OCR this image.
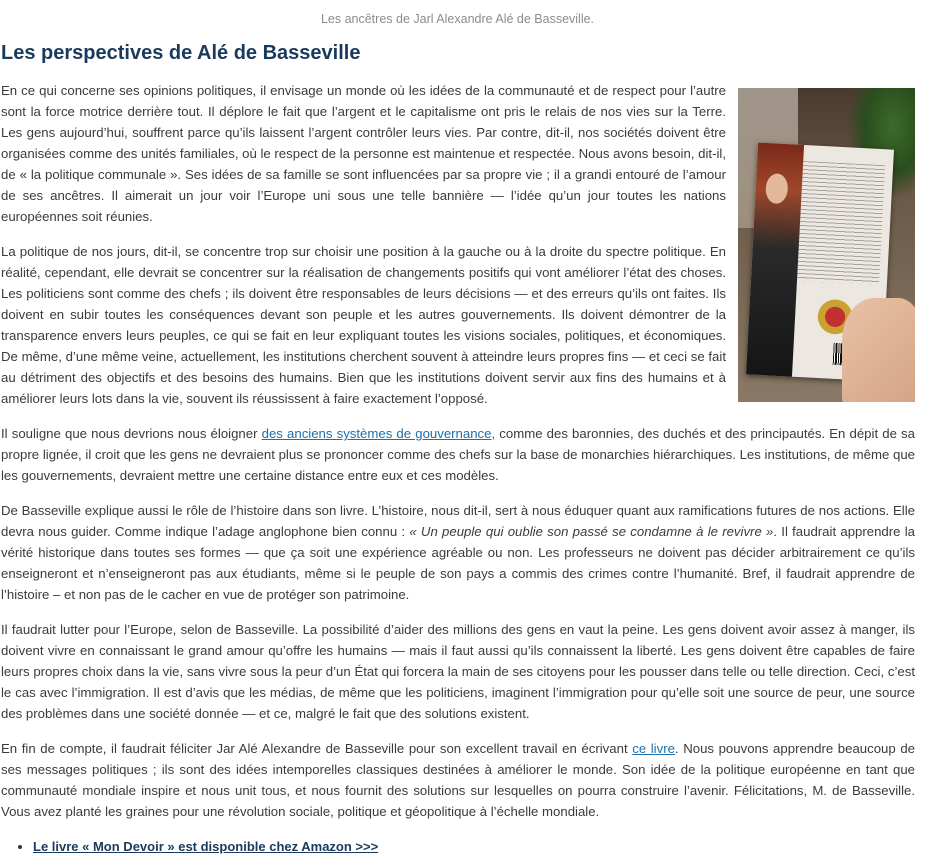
Les ancêtres de Jarl Alexandre Alé de Basseville.
Les perspectives de Alé de Basseville

En ce qui concerne ses opinions politiques, il envisage un monde où les idées de la communauté et de respect pour l’autre sont la force motrice derrière tout. Il déplore le fait que l’argent et le capitalisme ont pris le relais de nos vies sur la Terre. Les gens aujourd’hui, souffrent parce qu’ils laissent l’argent contrôler leurs vies. Par contre, dit-il, nos sociétés doivent être organisées comme des unités familiales, où le respect de la personne est maintenue et respectée. Nous avons besoin, dit-il, de « la politique communale ». Ses idées de sa famille se sont influencées par sa propre vie ; il a grandi entouré de l’amour de ses ancêtres. Il aimerait un jour voir l’Europe uni sous une telle bannière — l’idée qu’un jour toutes les nations européennes soit réunies.

La politique de nos jours, dit-il, se concentre trop sur choisir une position à la gauche ou à la droite du spectre politique. En réalité, cependant, elle devrait se concentrer sur la réalisation de changements positifs qui vont améliorer l’état des choses. Les politiciens sont comme des chefs ; ils doivent être responsables de leurs décisions — et des erreurs qu’ils ont faites. Ils doivent en subir toutes les conséquences devant son peuple et les autres gouvernements. Ils doivent démontrer de la transparence envers leurs peuples, ce qui se fait en leur expliquant toutes les visions sociales, politiques, et économiques. De même, d’une même veine, actuellement, les institutions cherchent souvent à atteindre leurs propres fins — et ceci se fait au détriment des objectifs et des besoins des humains. Bien que les institutions doivent servir aux fins des humains et à améliorer leurs lots dans la vie, souvent ils réussissent à faire exactement l’opposé.

Il souligne que nous devrions nous éloigner des anciens systèmes de gouvernance, comme des baronnies, des duchés et des principautés. En dépit de sa propre lignée, il croit que les gens ne devraient plus se prononcer comme des chefs sur la base de monarchies hiérarchiques. Les institutions, de même que les gouvernements, devraient mettre une certaine distance entre eux et ces modèles.

De Basseville explique aussi le rôle de l’histoire dans son livre. L’histoire, nous dit-il, sert à nous éduquer quant aux ramifications futures de nos actions. Elle devra nous guider. Comme indique l’adage anglophone bien connu : « Un peuple qui oublie son passé se condamne à le revivre ». Il faudrait apprendre la vérité historique dans toutes ses formes — que ça soit une expérience agréable ou non. Les professeurs ne doivent pas décider arbitrairement ce qu’ils enseigneront et n’enseigneront pas aux étudiants, même si le peuple de son pays a commis des crimes contre l’humanité. Bref, il faudrait apprendre de l’histoire – et non pas de le cacher en vue de protéger son patrimoine.

Il faudrait lutter pour l’Europe, selon de Basseville. La possibilité d’aider des millions des gens en vaut la peine. Les gens doivent avoir assez à manger, ils doivent vivre en connaissant le grand amour qu’offre les humains — mais il faut aussi qu’ils connaissent la liberté. Les gens doivent être capables de faire leurs propres choix dans la vie, sans vivre sous la peur d’un État qui forcera la main de ses citoyens pour les pousser dans telle ou telle direction. Ceci, c’est le cas avec l’immigration. Il est d’avis que les médias, de même que les politiciens, imaginent l’immigration pour qu’elle soit une source de peur, une source des problèmes dans une société donnée — et ce, malgré le fait que des solutions existent.

En fin de compte, il faudrait féliciter Jar Alé Alexandre de Basseville pour son excellent travail en écrivant ce livre. Nous pouvons apprendre beaucoup de ses messages politiques ; ils sont des idées intemporelles classiques destinées à améliorer le monde. Son idée de la politique européenne en tant que communauté mondiale inspire et nous unit tous, et nous fournit des solutions sur lesquelles on pourra construire l’avenir. Félicitations, M. de Basseville. Vous avez planté les graines pour une révolution sociale, politique et géopolitique à l’échelle mondiale.

• Le livre « Mon Devoir » est disponible chez Amazon >>>
